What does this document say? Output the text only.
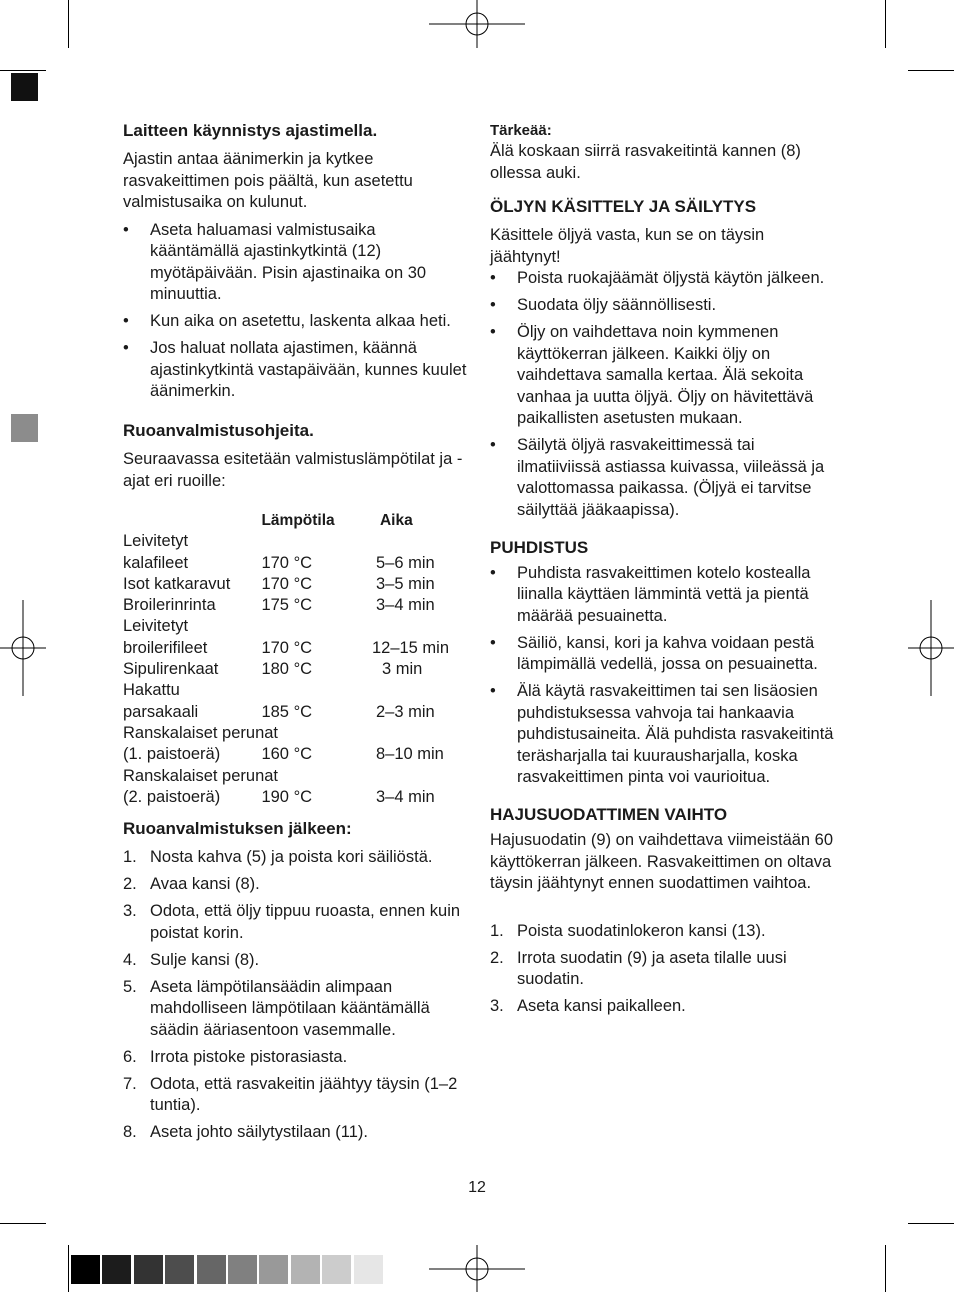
Laitteen käynnistys ajastimella.

Ajastin antaa äänimerkin ja kytkee rasvakeittimen pois päältä, kun asetettu valmistusaika on kulunut.

• Aseta haluamasi valmistusaika kääntämällä ajastinkytkintä (12) myötäpäivään. Pisin ajastinaika on 30 minuuttia.
• Kun aika on asetettu, laskenta alkaa heti.
• Jos haluat nollata ajastimen, käännä ajastinkytkintä vastapäivään, kunnes kuulet äänimerkin.
Ruoanvalmistusohjeita.

Seuraavassa esitetään valmistuslämpötilat ja -ajat eri ruoille:

	Lämpötila	Aika
Leivitetyt		
kalafileet	170 °C	5–6 min
Isot katkaravut	170 °C	3–5 min
Broilerinrinta	175 °C	3–4 min
Leivitetyt		
broilerifileet	170 °C	12–15 min
Sipulirenkaat	180 °C	3 min
Hakattu		
parsakaali	185 °C	2–3 min
Ranskalaiset perunat		
(1. paistoerä)	160 °C	8–10 min
Ranskalaiset perunat		
(2. paistoerä)	190 °C	3–4 min
Ruoanvalmistuksen jälkeen:
1. Nosta kahva (5) ja poista kori säiliöstä.
2. Avaa kansi (8).
3. Odota, että öljy tippuu ruoasta, ennen kuin poistat korin.
4. Sulje kansi (8).
5. Aseta lämpötilansäädin alimpaan mahdolliseen lämpötilaan kääntämällä säädin ääriasentoon vasemmalle.
6. Irrota pistoke pistorasiasta.
7. Odota, että rasvakeitin jäähtyy täysin (1–2 tuntia).
8. Aseta johto säilytystilaan (11).
Tärkeää:

Älä koskaan siirrä rasvakeitintä kannen (8) ollessa auki.

ÖLJYN KÄSITTELY JA SÄILYTYS

Käsittele öljyä vasta, kun se on täysin jäähtynyt!

• Poista ruokajäämät öljystä käytön jälkeen.
• Suodata öljy säännöllisesti.
• Öljy on vaihdettava noin kymmenen käyttökerran jälkeen. Kaikki öljy on vaihdettava samalla kertaa. Älä sekoita vanhaa ja uutta öljyä. Öljy on hävitettävä paikallisten asetusten mukaan.
• Säilytä öljyä rasvakeittimessä tai ilmatiiviissä astiassa kuivassa, viileässä ja valottomassa paikassa. (Öljyä ei tarvitse säilyttää jääkaapissa).
PUHDISTUS
• Puhdista rasvakeittimen kotelo kostealla liinalla käyttäen lämmintä vettä ja pientä määrää pesuainetta.
• Säiliö, kansi, kori ja kahva voidaan pestä lämpimällä vedellä, jossa on pesuainetta.
• Älä käytä rasvakeittimen tai sen lisäosien puhdistuksessa vahvoja tai hankaavia puhdistusaineita. Älä puhdista rasvakeitintä teräsharjalla tai kuurausharjalla, koska rasvakeittimen pinta voi vaurioitua.
HAJUSUODATTIMEN VAIHTO

Hajusuodatin (9) on vaihdettava viimeistään 60 käyttökerran jälkeen. Rasvakeittimen on oltava täysin jäähtynyt ennen suodattimen vaihtoa.

1. Poista suodatinlokeron kansi (13).
2. Irrota suodatin (9) ja aseta tilalle uusi suodatin.
3. Aseta kansi paikalleen.
12
